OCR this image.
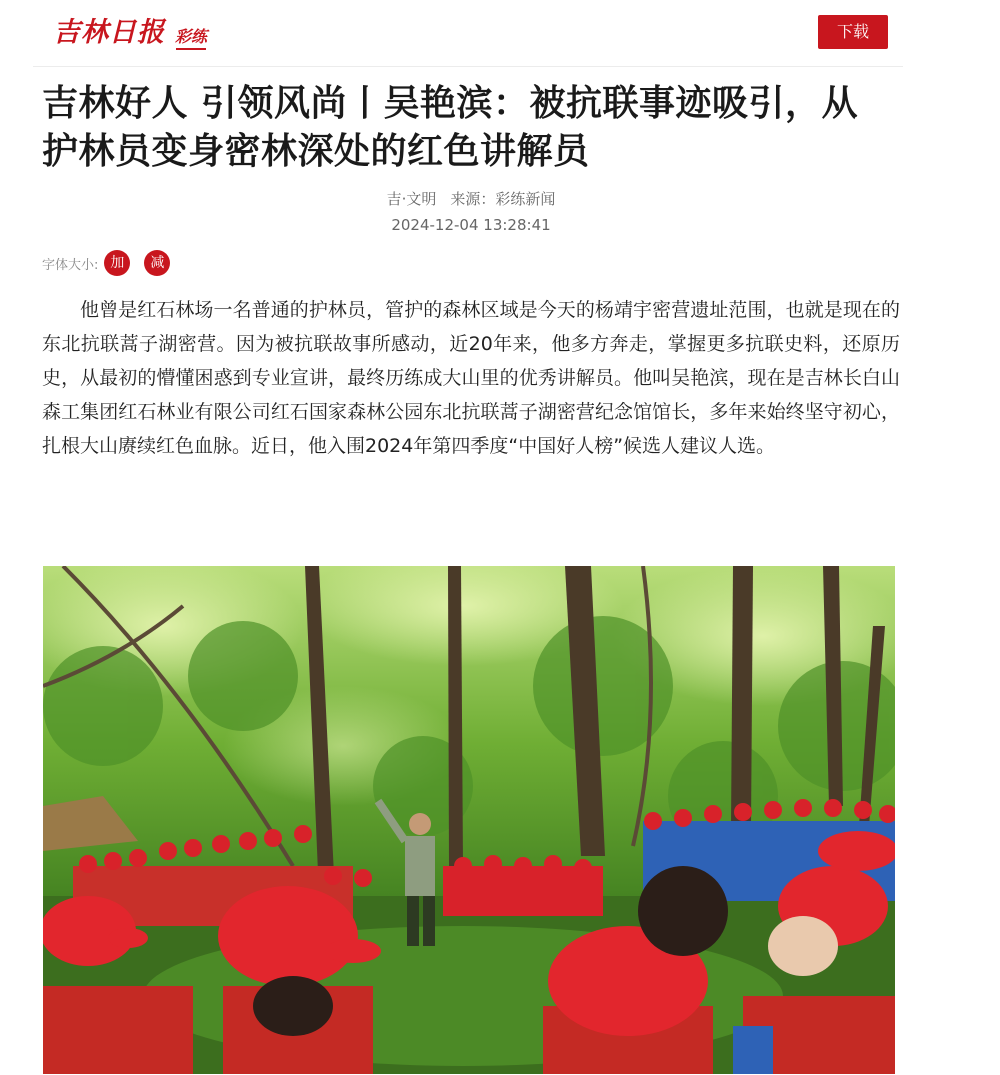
吉林日报 彩练	下载
吉林好人 引领风尚丨吴艳滨：被抗联事迹吸引，从护林员变身密林深处的红色讲解员
吉·文明 来源：彩练新闻
2024-12-04 13:28:41
字体大小: 加	减

他曾是红石林场一名普通的护林员，管护的森林区域是今天的杨靖宇密营遗址范围，也就是现在的东北抗联蒿子湖密营。因为被抗联故事所感动，近20年来，他多方奔走，掌握更多抗联史料，还原历史，从最初的懵懂困惑到专业宣讲，最终历练成大山里的优秀讲解员。他叫吴艳滨，现在是吉林长白山森工集团红石林业有限公司红石国家森林公园东北抗联蒿子湖密营纪念馆馆长，多年来始终坚守初心，扎根大山赓续红色血脉。近日，他入围2024年第四季度“中国好人榜”候选人建议人选。
